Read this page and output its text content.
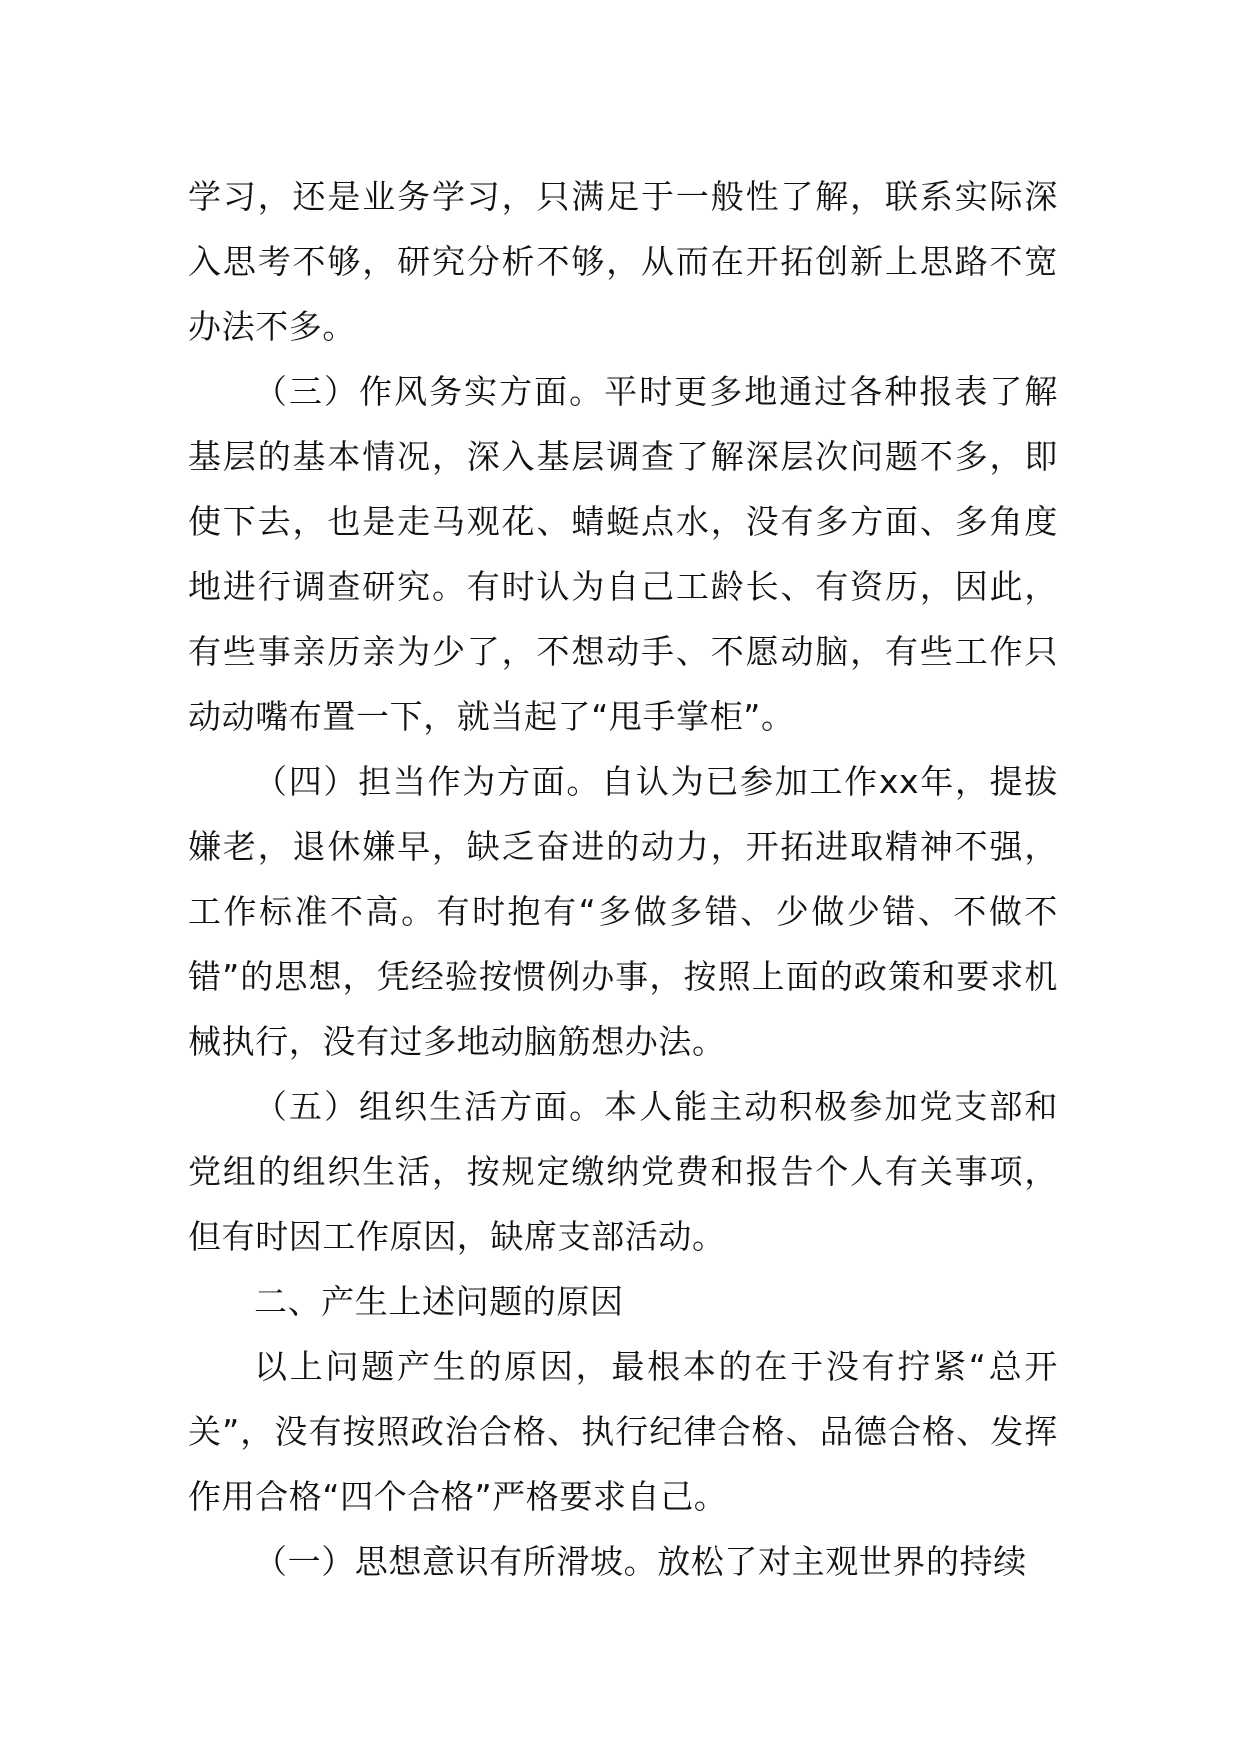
学习，还是业务学习，只满足于一般性了解，联系实际深入思考不够，研究分析不够，从而在开拓创新上思路不宽办法不多。

（三）作风务实方面。平时更多地通过各种报表了解基层的基本情况，深入基层调查了解深层次问题不多，即使下去，也是走马观花、蜻蜓点水，没有多方面、多角度地进行调查研究。有时认为自己工龄长、有资历，因此，有些事亲历亲为少了，不想动手、不愿动脑，有些工作只动动嘴布置一下，就当起了“甩手掌柜”。

（四）担当作为方面。自认为已参加工作xx年，提拔嫌老，退休嫌早，缺乏奋进的动力，开拓进取精神不强，工作标准不高。有时抱有“多做多错、少做少错、不做不错”的思想，凭经验按惯例办事，按照上面的政策和要求机械执行，没有过多地动脑筋想办法。

（五）组织生活方面。本人能主动积极参加党支部和党组的组织生活，按规定缴纳党费和报告个人有关事项，但有时因工作原因，缺席支部活动。

二、产生上述问题的原因

以上问题产生的原因，最根本的在于没有拧紧“总开关”，没有按照政治合格、执行纪律合格、品德合格、发挥作用合格“四个合格”严格要求自己。

（一）思想意识有所滑坡。放松了对主观世界的持续
